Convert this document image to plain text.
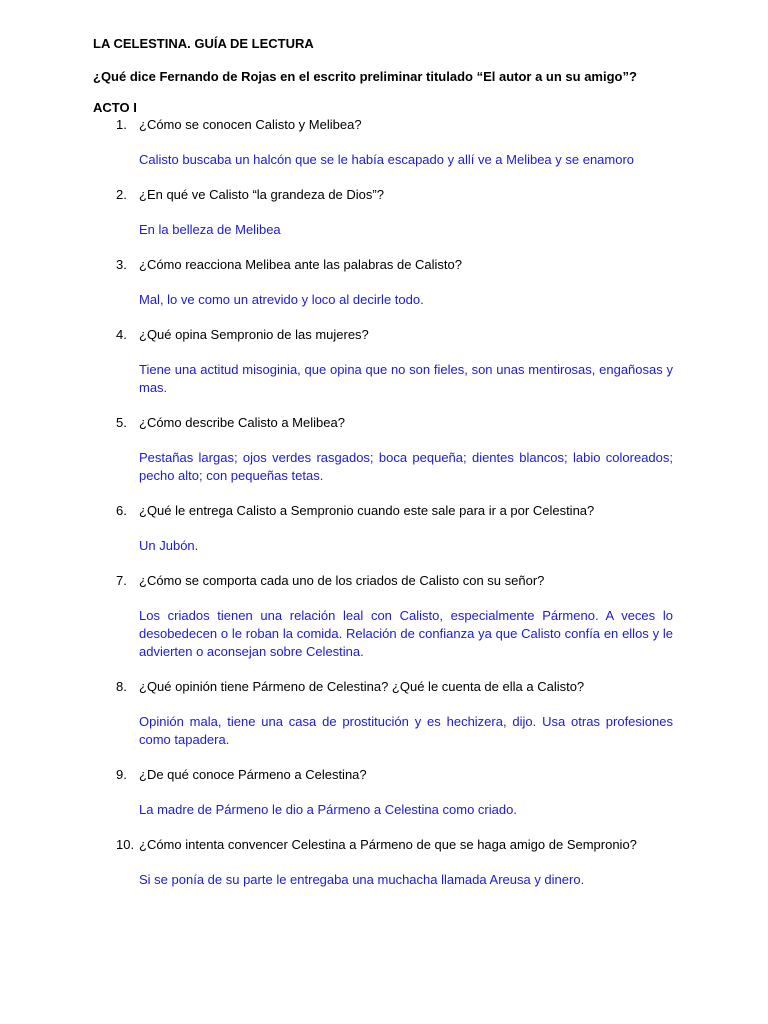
LA CELESTINA. GUÍA DE LECTURA

¿Qué dice Fernando de Rojas en el escrito preliminar titulado “El autor a un su amigo”?

ACTO I

1. ¿Cómo se conocen Calisto y Melibea?

Calisto buscaba un halcón que se le había escapado y allí ve a Melibea y se enamoro

2. ¿En qué ve Calisto “la grandeza de Dios”?

En la belleza de Melibea

3. ¿Cómo reacciona Melibea ante las palabras de Calisto?

Mal, lo ve como un atrevido y loco al decirle todo.

4. ¿Qué opina Sempronio de las mujeres?

Tiene una actitud misoginia, que opina que no son fieles, son unas mentirosas, engañosas y mas.

5. ¿Cómo describe Calisto a Melibea?

Pestañas largas; ojos verdes rasgados; boca pequeña; dientes blancos; labio coloreados; pecho alto; con pequeñas tetas.

6. ¿Qué le entrega Calisto a Sempronio cuando este sale para ir a por Celestina?

Un Jubón.

7. ¿Cómo se comporta cada uno de los criados de Calisto con su señor?

Los criados tienen una relación leal con Calisto, especialmente Pármeno. A veces lo desobedecen o le roban la comida. Relación de confianza ya que Calisto confía en ellos y le advierten o aconsejan sobre Celestina.

8. ¿Qué opinión tiene Pármeno de Celestina? ¿Qué le cuenta de ella a Calisto?

Opinión mala, tiene una casa de prostitución y es hechizera, dijo. Usa otras profesiones como tapadera.

9. ¿De qué conoce Pármeno a Celestina?

La madre de Pármeno le dio a Pármeno a Celestina como criado.

10. ¿Cómo intenta convencer Celestina a Pármeno de que se haga amigo de Sempronio?

Si se ponía de su parte le entregaba una muchacha llamada Areusa y dinero.
